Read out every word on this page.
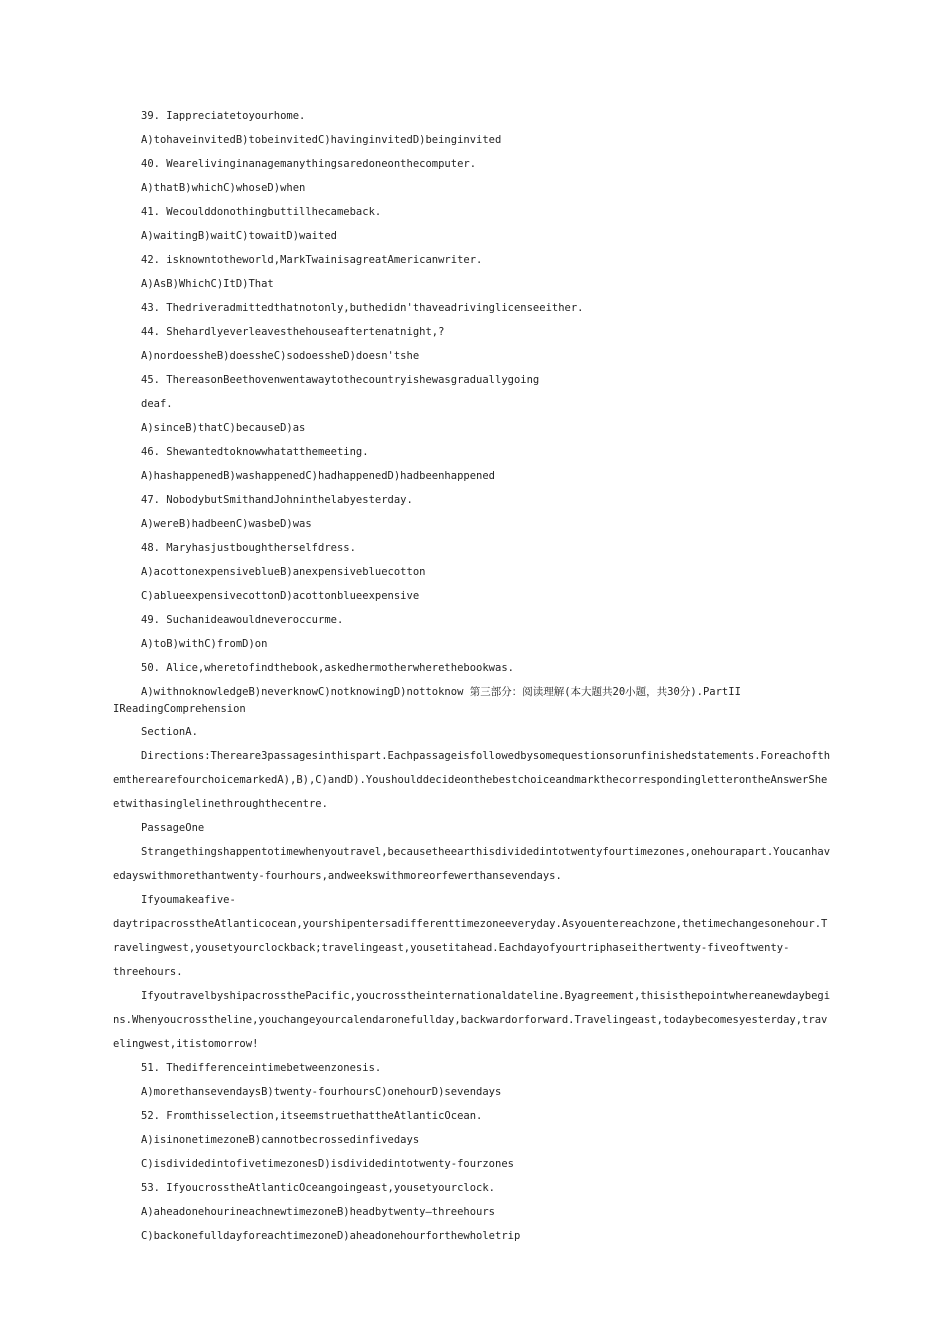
39. Iappreciatetoyourhome.
A)tohaveinvitedB)tobeinvitedC)havinginvitedD)beinginvited
40. Wearelivinginanagemanythingsaredoneonthecomputer.
A)thatB)whichC)whoseD)when
41. Wecoulddonothingbuttillhecameback.
A)waitingB)waitC)towaitD)waited
42. isknowntotheworld,MarkTwainisagreatAmericanwriter.
A)AsB)WhichC)ItD)That
43. Thedriveradmittedthatnotonly,buthedidn'thaveadrivinglicenseeither.
44. Shehardlyeverleavesthehouseaftertenatnight,?
A)nordoessheB)doessheC)sodoessheD)doesn'tshe
45. ThereasonBeethovenwentawaytothecountryishewasgraduallygoing
deaf.
A)sinceB)thatC)becauseD)as
46. Shewantedtoknowwhatatthemeeting.
A)hashappenedB)washappenedC)hadhappenedD)hadbeenhappened
47. NobodybutSmithandJohninthelabyesterday.
A)wereB)hadbeenC)wasbeD)was
48. Maryhasjustboughtherselfdress.
A)acottonexpensiveblueB)anexpensivebluecotton
C)ablueexpensivecottonD)acottonblueexpensive
49. Suchanideawouldneveroccurme.
A)toB)withC)fromD)on
50. Alice,wheretofindthebook,askedhermotherwherethebookwas.
A)withnoknowledgeB)neverknowC)notknowingD)nottoknow 第三部分：阅读理解(本大题共20小题，共30分).PartII
IReadingComprehension
SectionA.
Directions:Thereare3passagesinthispart.Eachpassageisfollowedbysomequestionsorunfinishedstatements.Foreachofth
emtherearefourchoicemarkedA),B),C)andD).YoushoulddecideonthebestchoiceandmarkthecorrespondingletterontheAnswerShe
etwithasinglelinethroughthecentre.
PassageOne
Strangethingshappentotimewhenyoutravel,becausetheearthisdividedintotwentyfourtimezones,onehourapart.Youcanhav
edayswithmorethantwenty-fourhours,andweekswithmoreorfewerthansevendays.
Ifyoumakeafive-
daytripacrosstheAtlanticocean,yourshipentersadifferenttimezoneeveryday.Asyouentereachzone,thetimechangesonehour.T
ravelingwest,yousetyourclockback;travelingeast,yousetitahead.Eachdayofyourtriphaseithertwenty-fiveoftwenty-
threehours.
IfyoutravelbyshipacrossthePacific,youcrosstheinternationaldateline.Byagreement,thisisthepointwhereanewdaybegi
ns.Whenyoucrosstheline,youchangeyourcalendaronefullday,backwardorforward.Travelingeast,todaybecomesyesterday,trav
elingwest,itistomorrow!
51. Thedifferenceintimebetweenzonesis.
A)morethansevendaysB)twenty-fourhoursC)onehourD)sevendays
52. Fromthisselection,itseemstruethattheAtlanticOcean.
A)isinonetimezoneB)cannotbecrossedinfivedays
C)isdividedintofivetimezonesD)isdividedintotwenty-fourzones
53. IfyoucrosstheAtlanticOceangoingeast,yousetyourclock.
A)aheadonehourineachnewtimezoneB)headbytwenty—threehours
C)backonefulldayforeachtimezoneD)aheadonehourforthewholetrip
